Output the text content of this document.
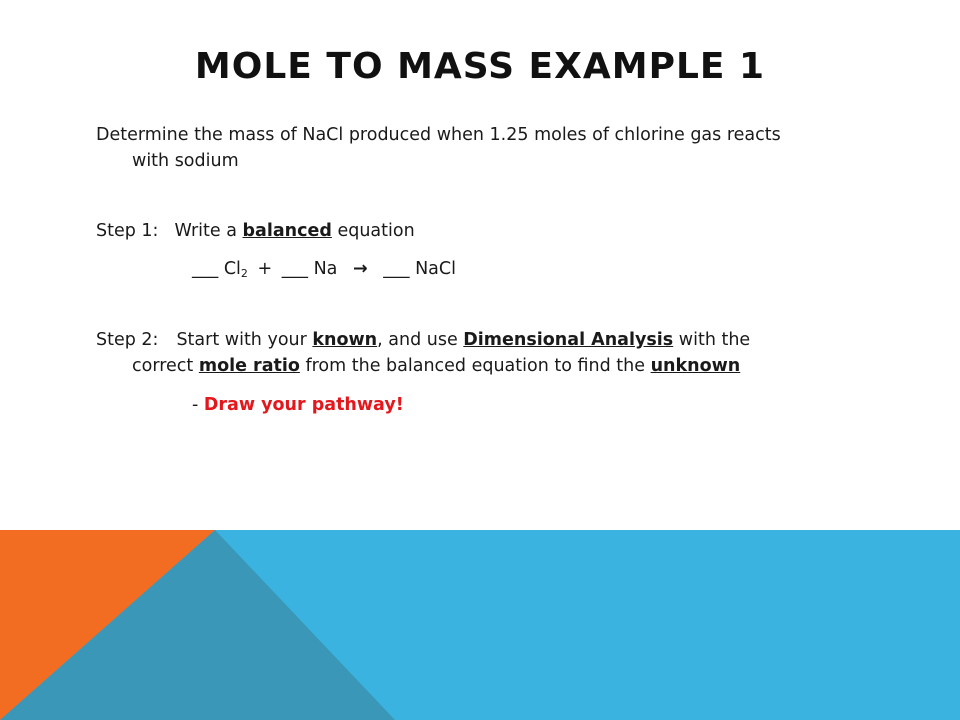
MOLE TO MASS EXAMPLE 1
Determine the mass of NaCl produced when 1.25 moles of chlorine gas reacts
with sodium
Step 1: Write a balanced equation
___ $Cl_2$ + ___ Na → ___ NaCl
Step 2: Start with your known, and use Dimensional Analysis with the
correct mole ratio from the balanced equation to find the unknown
- Draw your pathway!
